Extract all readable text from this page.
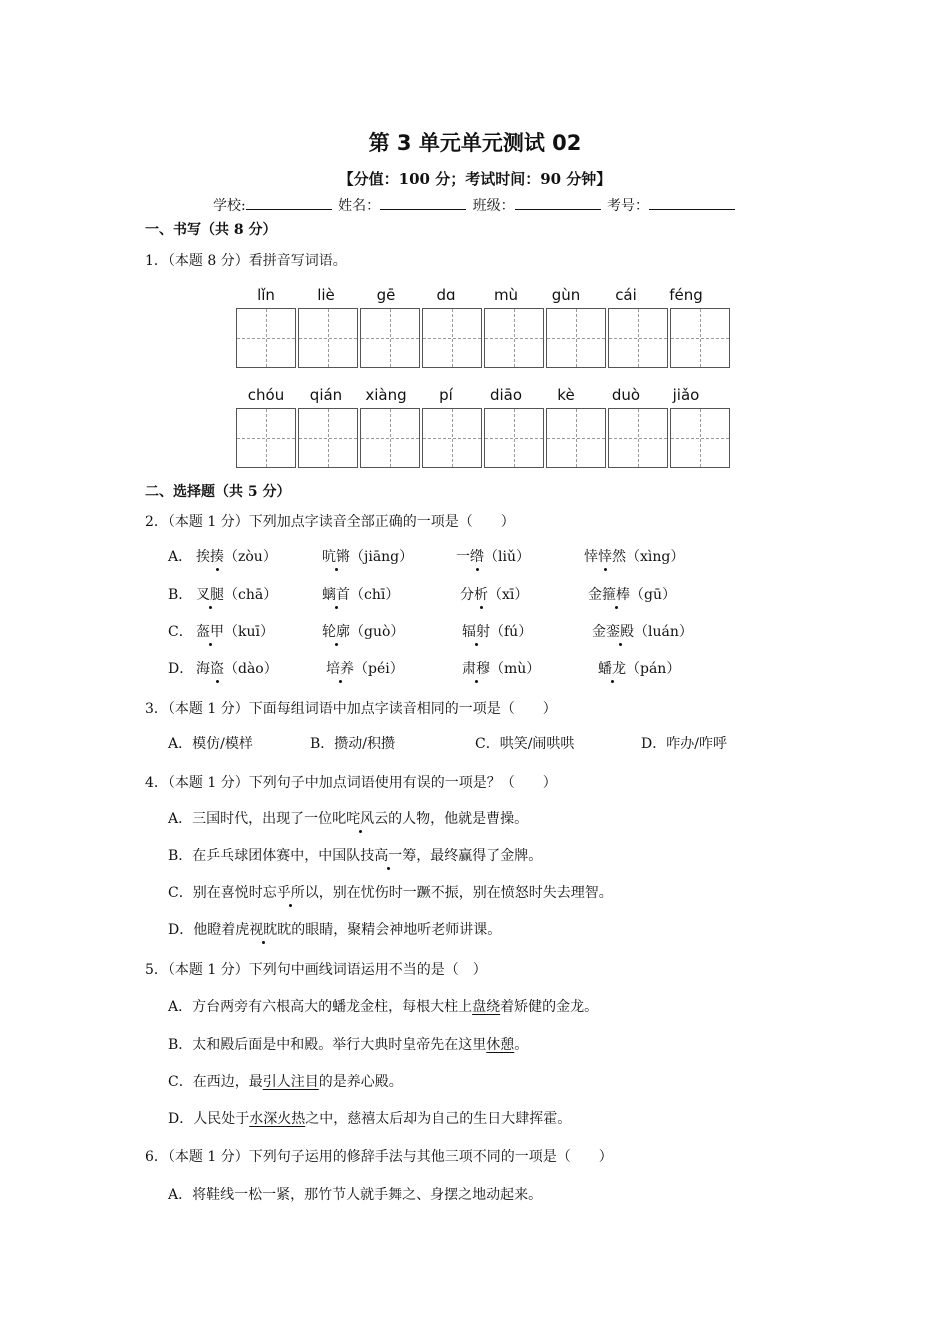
第 3 单元单元测试 02
【分值：100 分；考试时间：90 分钟】
学校:	姓名：	班级：	考号：
一、书写（共 8 分）
1．（本题 8 分）看拼音写词语。
lǐn	liè	gē	dɑ	mù	gùn	cái	féng
chóu	qián	xiàng	pí	diāo	kè	duò	jiǎo
二、选择题（共 5 分）
2．（本题 1 分）下列加点字读音全部正确的一项是（　　）
A． 挨揍（zòu）	吭锵（jiāng）	一绺（liǔ）	悻悻然（xìng）
B． 叉腿（chā）	螭首（chī）	分析（xī）	金箍棒（gū）
C． 盔甲（kuī）	轮廓（guò）	辐射（fú）	金銮殿（luán）
D． 海盗（dào）	培养（péi）	肃穆（mù）	蟠龙（pán）
3．（本题 1 分）下面每组词语中加点字读音相同的一项是（　　）
A．模仿/模样	B．攒动/积攒	C．哄笑/闹哄哄	D．咋办/咋呼
4．（本题 1 分）下列句子中加点词语使用有误的一项是？（　　）
A．三国时代，出现了一位叱咤风云的人物，他就是曹操。
B．在乒乓球团体赛中，中国队技高一筹，最终赢得了金牌。
C．别在喜悦时忘乎所以，别在忧伤时一蹶不振，别在愤怒时失去理智。
D．他瞪着虎视眈眈的眼睛，聚精会神地听老师讲课。
5．（本题 1 分）下列句中画线词语运用不当的是（　）
A．方台两旁有六根高大的蟠龙金柱，每根大柱上盘绕着矫健的金龙。
B．太和殿后面是中和殿。举行大典时皇帝先在这里休憩。
C．在西边，最引人注目的是养心殿。
D．人民处于水深火热之中，慈禧太后却为自己的生日大肆挥霍。
6．（本题 1 分）下列句子运用的修辞手法与其他三项不同的一项是（　　）
A．将鞋线一松一紧，那竹节人就手舞之、身摆之地动起来。
